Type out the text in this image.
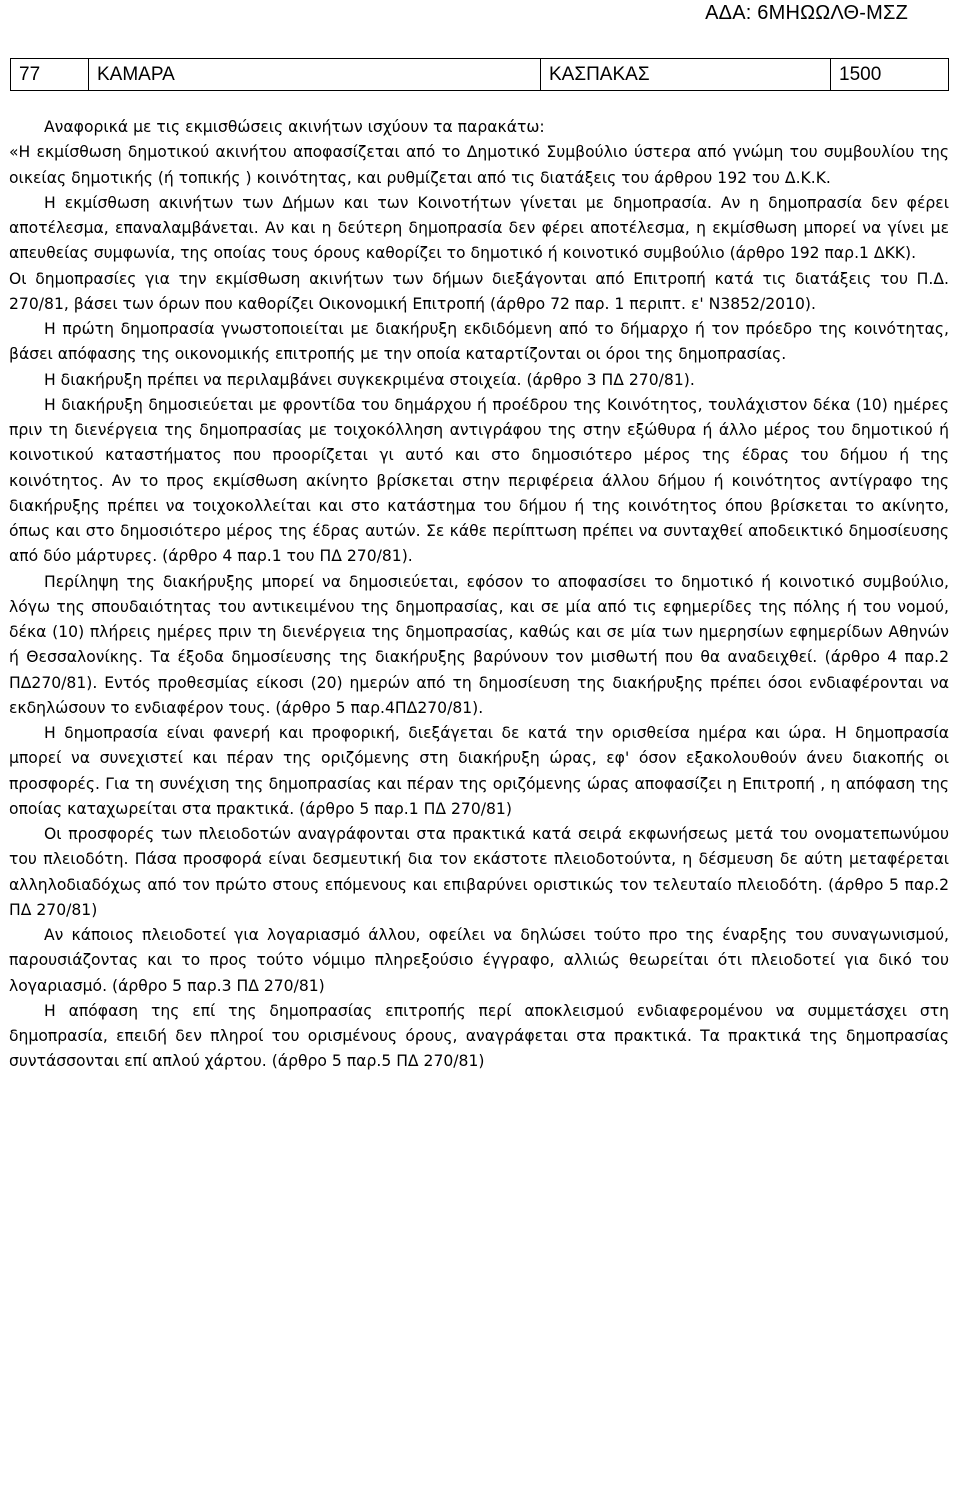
ΑΔΑ: 6ΜΗΩΩΛΘ-ΜΣΖ
77	ΚΑΜΑΡΑ	ΚΑΣΠΑΚΑΣ	1500

Αναφορικά με τις εκμισθώσεις ακινήτων ισχύουν τα παρακάτω:

«Η εκμίσθωση δημοτικού ακινήτου αποφασίζεται από το Δημοτικό Συμβούλιο ύστερα από γνώμη του συμβουλίου της οικείας δημοτικής (ή τοπικής ) κοινότητας, και ρυθμίζεται από τις διατάξεις του άρθρου 192 του Δ.Κ.Κ.

Η εκμίσθωση ακινήτων των Δήμων και των Κοινοτήτων γίνεται με δημοπρασία. Αν η δημοπρασία δεν φέρει αποτέλεσμα, επαναλαμβάνεται. Αν και η δεύτερη δημοπρασία δεν φέρει αποτέλεσμα, η εκμίσθωση μπορεί να γίνει με απευθείας συμφωνία, της οποίας τους όρους καθορίζει το δημοτικό ή κοινοτικό συμβούλιο (άρθρο 192 παρ.1 ΔΚΚ).

Οι δημοπρασίες για την εκμίσθωση ακινήτων των δήμων διεξάγονται από Επιτροπή κατά τις διατάξεις του Π.Δ. 270/81, βάσει των όρων που καθορίζει Οικονομική Επιτροπή (άρθρο 72 παρ. 1 περιπτ. ε' Ν3852/2010).

Η πρώτη δημοπρασία γνωστοποιείται με διακήρυξη εκδιδόμενη από το δήμαρχο ή τον πρόεδρο της κοινότητας, βάσει απόφασης της οικονομικής επιτροπής με την οποία καταρτίζονται οι όροι της δημοπρασίας.

Η διακήρυξη πρέπει να περιλαμβάνει συγκεκριμένα στοιχεία. (άρθρο 3 ΠΔ 270/81).

Η διακήρυξη δημοσιεύεται με φροντίδα του δημάρχου ή προέδρου της Κοινότητος, τουλάχιστον δέκα (10) ημέρες πριν τη διενέργεια της δημοπρασίας με τοιχοκόλληση αντιγράφου της στην εξώθυρα ή άλλο μέρος του δημοτικού ή κοινοτικού καταστήματος που προορίζεται γι αυτό και στο δημοσιότερο μέρος της έδρας του δήμου ή της κοινότητος. Αν το προς εκμίσθωση ακίνητο βρίσκεται στην περιφέρεια άλλου δήμου ή κοινότητος αντίγραφο της διακήρυξης πρέπει να τοιχοκολλείται και στο κατάστημα του δήμου ή της κοινότητος όπου βρίσκεται το ακίνητο, όπως και στο δημοσιότερο μέρος της έδρας αυτών. Σε κάθε περίπτωση πρέπει να συνταχθεί αποδεικτικό δημοσίευσης από δύο μάρτυρες. (άρθρο 4 παρ.1 του ΠΔ 270/81).

Περίληψη της διακήρυξης μπορεί να δημοσιεύεται, εφόσον το αποφασίσει το δημοτικό ή κοινοτικό συμβούλιο, λόγω της σπουδαιότητας του αντικειμένου της δημοπρασίας, και σε μία από τις εφημερίδες της πόλης ή του νομού, δέκα (10) πλήρεις ημέρες πριν τη διενέργεια της δημοπρασίας, καθώς και σε μία των ημερησίων εφημερίδων Αθηνών ή Θεσσαλονίκης. Τα έξοδα δημοσίευσης της διακήρυξης βαρύνουν τον μισθωτή που θα αναδειχθεί. (άρθρο 4 παρ.2 ΠΔ270/81). Εντός προθεσμίας είκοσι (20) ημερών από τη δημοσίευση της διακήρυξης πρέπει όσοι ενδιαφέρονται να εκδηλώσουν το ενδιαφέρον τους. (άρθρο 5 παρ.4ΠΔ270/81).

Η δημοπρασία είναι φανερή και προφορική, διεξάγεται δε κατά την ορισθείσα ημέρα και ώρα. Η δημοπρασία μπορεί να συνεχιστεί και πέραν της οριζόμενης στη διακήρυξη ώρας, εφ' όσον εξακολουθούν άνευ διακοπής οι προσφορές. Για τη συνέχιση της δημοπρασίας και πέραν της οριζόμενης ώρας αποφασίζει η Επιτροπή , η απόφαση της οποίας καταχωρείται στα πρακτικά. (άρθρο 5 παρ.1 ΠΔ 270/81)

Οι προσφορές των πλειοδοτών αναγράφονται στα πρακτικά κατά σειρά εκφωνήσεως μετά του ονοματεπωνύμου του πλειοδότη. Πάσα προσφορά είναι δεσμευτική δια τον εκάστοτε πλειοδοτούντα, η δέσμευση δε αύτη μεταφέρεται αλληλοδιαδόχως από τον πρώτο στους επόμενους και επιβαρύνει οριστικώς τον τελευταίο πλειοδότη. (άρθρο 5 παρ.2 ΠΔ 270/81)

Αν κάποιος πλειοδοτεί για λογαριασμό άλλου, οφείλει να δηλώσει τούτο προ της έναρξης του συναγωνισμού, παρουσιάζοντας και το προς τούτο νόμιμο πληρεξούσιο έγγραφο, αλλιώς θεωρείται ότι πλειοδοτεί για δικό του λογαριασμό. (άρθρο 5 παρ.3 ΠΔ 270/81)

Η απόφαση της επί της δημοπρασίας επιτροπής περί αποκλεισμού ενδιαφερομένου να συμμετάσχει στη δημοπρασία, επειδή δεν πληροί του ορισμένους όρους, αναγράφεται στα πρακτικά. Τα πρακτικά της δημοπρασίας συντάσσονται επί απλού χάρτου. (άρθρο 5 παρ.5 ΠΔ 270/81)
